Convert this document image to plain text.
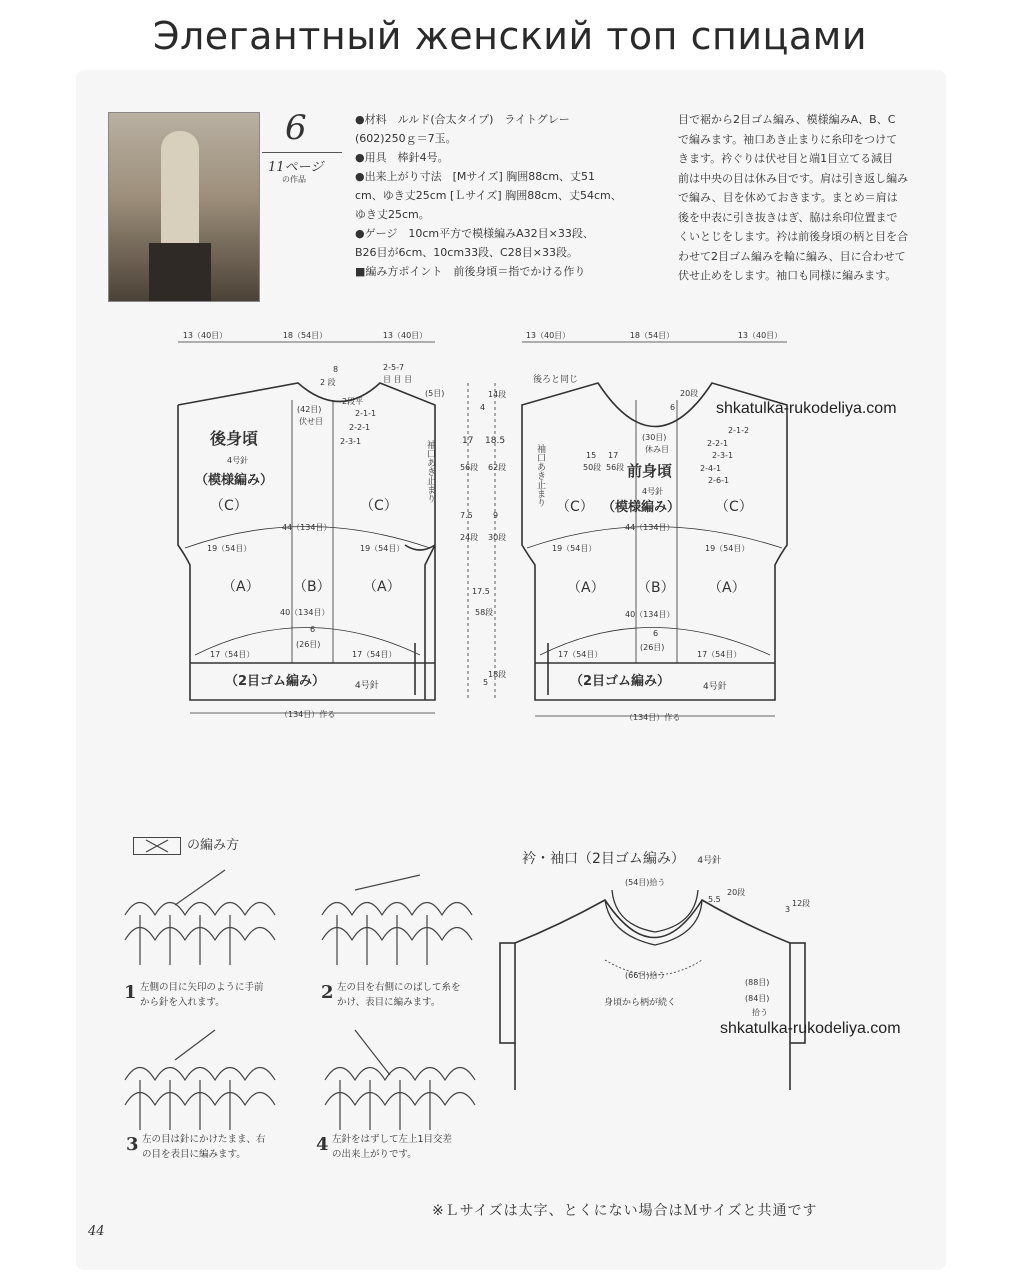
Элегантный женский топ спицами
6
11ページ
の作品
●材料　ルルド(合太タイプ)　ライトグレー
(602)250ｇ＝7玉。
●用具　棒針4号。
●出来上がり寸法　[Mサイズ] 胸囲88cm、丈51
cm、ゆき丈25cm [Ｌサイズ] 胸囲88cm、丈54cm、
ゆき丈25cm。
●ゲージ　10cm平方で模様編みA32目×33段、
B26目が6cm、10cm33段、C28目×33段。
■編み方ポイント　前後身頃＝指でかける作り
目で裾から2目ゴム編み、模様編みA、B、C
で編みます。袖口あき止まりに糸印をつけて
きます。衿ぐりは伏せ目と端1目立てる減目
前は中央の目は休み目です。肩は引き返し編み
で編み、目を休めておきます。まとめ＝肩は
後を中表に引き抜きはぎ、脇は糸印位置まで
くいとじをします。衿は前後身頃の柄と目を合
わせて2目ゴム編みを輪に編み、目に合わせて
伏せ止めをします。袖口も同様に編みます。
18（54目）
13（40目）	13（40目）
2-5-7
目 目 目
(5目)
2 段
8
(42目)
伏せ目
2段平
2-1-1
2-2-1
2-3-1
後身頃
4号針
（模様編み）
（C）	（C）
袖口あき止まり
44（134目）
19（54目）	19（54目）
（A） （B） （A）
40（134目）
6
(26目)
17（54目）	17（54目）
（2目ゴム編み）	4号針
（134目）作る
14段
4
17
56段
18.5
62段
7.5
24段
9
30段
17.5
58段
5
18段
13（40目）	18（54目）	13（40目）
後ろと同じ
20段
6
(30目)
休み目
2-1-2
2-2-1
2-3-1
2-4-1
2-6-1
前身頃
4号針
（模様編み）
50段 56段
15 17
袖口あき止まり （C）	（C）
44（134目）
19（54目）	19（54目）
（A） （B） （A）
40（134目）
6
(26目)
17（54目）	17（54目）
（2目ゴム編み）	4号針
（134目）作る
(54目)拾う
5.5
20段
3
12段
(66目)拾う
身頃から柄が続く
(88目)
(84目)
拾う
shkatulka-rukodeliya.com
shkatulka-rukodeliya.com
の編み方
1 左側の目に矢印のように手前
から針を入れます。	2 左の目を右側にのばして糸を
かけ、表目に編みます。
3 左の目は針にかけたまま、右
の目を表目に編みます。	4 左針をはずして左上1目交差
の出来上がりです。
衿・袖口（2目ゴム編み） 4号針
※Ｌサイズは太字、とくにない場合はＭサイズと共通です
44
